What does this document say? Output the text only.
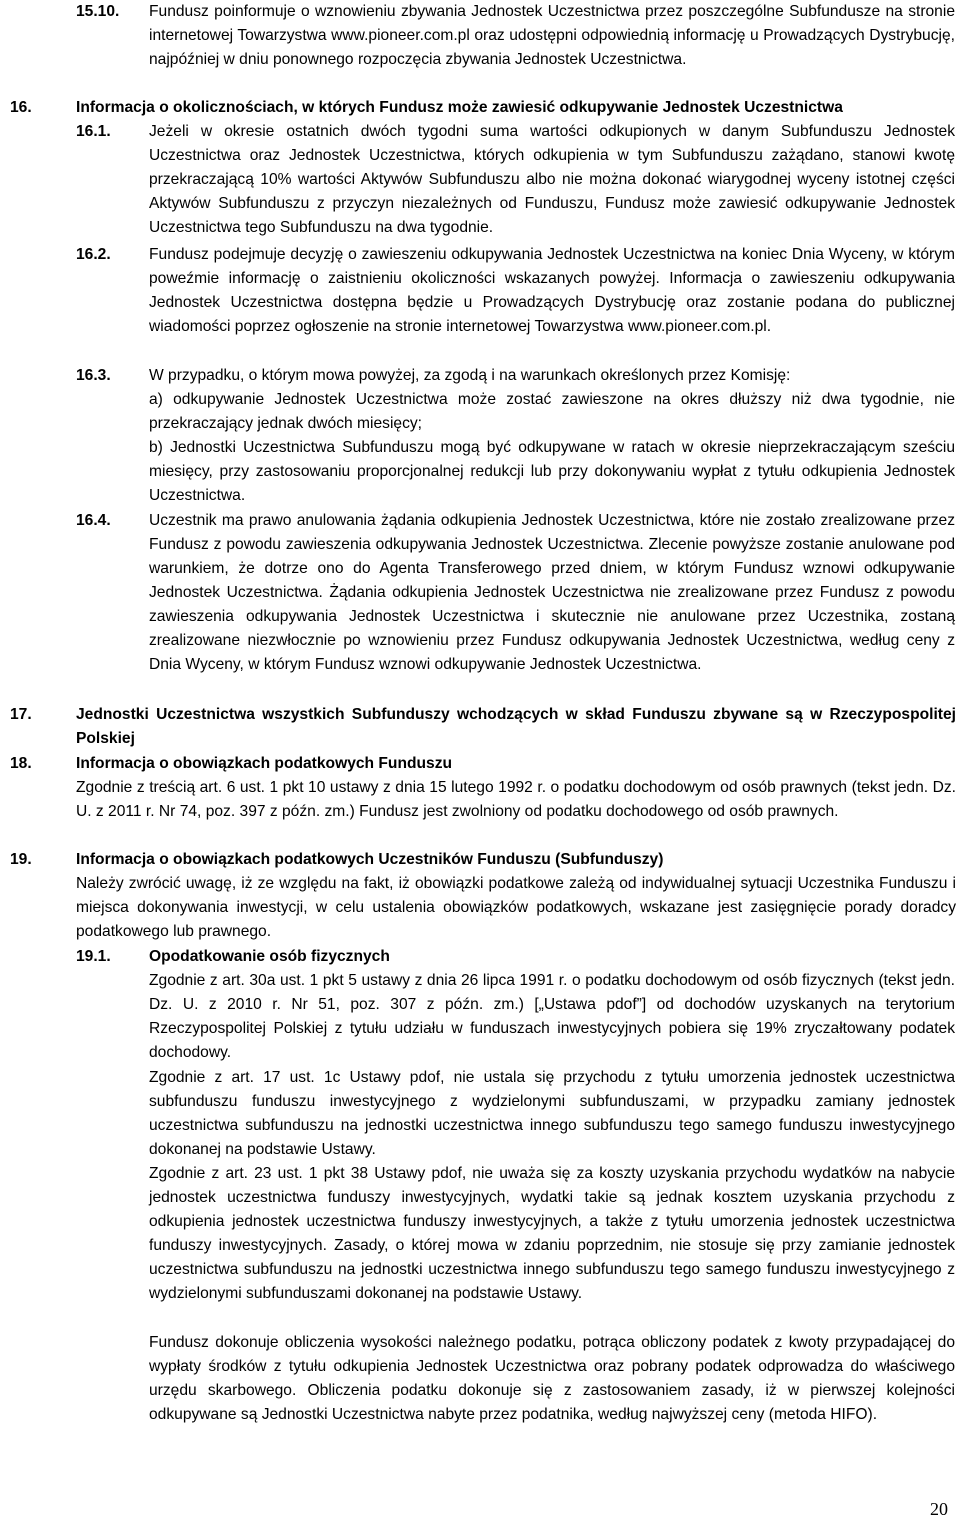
15.10. Fundusz poinformuje o wznowieniu zbywania Jednostek Uczestnictwa przez poszczególne Subfundusze na stronie internetowej Towarzystwa www.pioneer.com.pl oraz udostępni odpowiednią informację u Prowadzących Dystrybucję, najpóźniej w dniu ponownego rozpoczęcia zbywania Jednostek Uczestnictwa.
16.	Informacja o okolicznościach, w których Fundusz może zawiesić odkupywanie Jednostek Uczestnictwa
16.1. Jeżeli w okresie ostatnich dwóch tygodni suma wartości odkupionych w danym Subfunduszu Jednostek Uczestnictwa oraz Jednostek Uczestnictwa, których odkupienia w tym Subfunduszu zażądano, stanowi kwotę przekraczającą 10% wartości Aktywów Subfunduszu albo nie można dokonać wiarygodnej wyceny istotnej części Aktywów Subfunduszu z przyczyn niezależnych od Funduszu, Fundusz może zawiesić odkupywanie Jednostek Uczestnictwa tego Subfunduszu na dwa tygodnie.
16.2. Fundusz podejmuje decyzję o zawieszeniu odkupywania Jednostek Uczestnictwa na koniec Dnia Wyceny, w którym poweźmie informację o zaistnieniu okoliczności wskazanych powyżej. Informacja o zawieszeniu odkupywania Jednostek Uczestnictwa dostępna będzie u Prowadzących Dystrybucję oraz zostanie podana do publicznej wiadomości poprzez ogłoszenie na stronie internetowej Towarzystwa www.pioneer.com.pl.
16.3. W przypadku, o którym mowa powyżej, za zgodą i na warunkach określonych przez Komisję:
a) odkupywanie Jednostek Uczestnictwa może zostać zawieszone na okres dłuższy niż dwa tygodnie, nie przekraczający jednak dwóch miesięcy;
b) Jednostki Uczestnictwa Subfunduszu mogą być odkupywane w ratach w okresie nieprzekraczającym sześciu miesięcy, przy zastosowaniu proporcjonalnej redukcji lub przy dokonywaniu wypłat z tytułu odkupienia Jednostek Uczestnictwa.
16.4. Uczestnik ma prawo anulowania żądania odkupienia Jednostek Uczestnictwa, które nie zostało zrealizowane przez Fundusz z powodu zawieszenia odkupywania Jednostek Uczestnictwa. Zlecenie powyższe zostanie anulowane pod warunkiem, że dotrze ono do Agenta Transferowego przed dniem, w którym Fundusz wznowi odkupywanie Jednostek Uczestnictwa. Żądania odkupienia Jednostek Uczestnictwa nie zrealizowane przez Fundusz z powodu zawieszenia odkupywania Jednostek Uczestnictwa i skutecznie nie anulowane przez Uczestnika, zostaną zrealizowane niezwłocznie po wznowieniu przez Fundusz odkupywania Jednostek Uczestnictwa, według ceny z Dnia Wyceny, w którym Fundusz wznowi odkupywanie Jednostek Uczestnictwa.
17.	Jednostki Uczestnictwa wszystkich Subfunduszy wchodzących w skład Funduszu zbywane są w Rzeczypospolitej Polskiej
18.	Informacja o obowiązkach podatkowych Funduszu
Zgodnie z treścią art. 6 ust. 1 pkt 10 ustawy z dnia 15 lutego 1992 r. o podatku dochodowym od osób prawnych (tekst jedn. Dz. U. z 2011 r. Nr 74, poz. 397 z późn. zm.) Fundusz jest zwolniony od podatku dochodowego od osób prawnych.
19.	Informacja o obowiązkach podatkowych Uczestników Funduszu (Subfunduszy)
Należy zwrócić uwagę, iż ze względu na fakt, iż obowiązki podatkowe zależą od indywidualnej sytuacji Uczestnika Funduszu i miejsca dokonywania inwestycji, w celu ustalenia obowiązków podatkowych, wskazane jest zasięgnięcie porady doradcy podatkowego lub prawnego.
19.1. Opodatkowanie osób fizycznych
Zgodnie z art. 30a ust. 1 pkt 5 ustawy z dnia 26 lipca 1991 r. o podatku dochodowym od osób fizycznych (tekst jedn. Dz. U. z 2010 r. Nr 51, poz. 307 z późn. zm.) [„Ustawa pdof”] od dochodów uzyskanych na terytorium Rzeczypospolitej Polskiej z tytułu udziału w funduszach inwestycyjnych pobiera się 19% zryczałtowany podatek dochodowy.
Zgodnie z art. 17 ust. 1c Ustawy pdof, nie ustala się przychodu z tytułu umorzenia jednostek uczestnictwa subfunduszu funduszu inwestycyjnego z wydzielonymi subfunduszami, w przypadku zamiany jednostek uczestnictwa subfunduszu na jednostki uczestnictwa innego subfunduszu tego samego funduszu inwestycyjnego dokonanej na podstawie Ustawy.
Zgodnie z art. 23 ust. 1 pkt 38 Ustawy pdof, nie uważa się za koszty uzyskania przychodu wydatków na nabycie jednostek uczestnictwa funduszy inwestycyjnych, wydatki takie są jednak kosztem uzyskania przychodu z odkupienia jednostek uczestnictwa funduszy inwestycyjnych, a także z tytułu umorzenia jednostek uczestnictwa funduszy inwestycyjnych. Zasady, o której mowa w zdaniu poprzednim, nie stosuje się przy zamianie jednostek uczestnictwa subfunduszu na jednostki uczestnictwa innego subfunduszu tego samego funduszu inwestycyjnego z wydzielonymi subfunduszami dokonanej na podstawie Ustawy.
Fundusz dokonuje obliczenia wysokości należnego podatku, potrąca obliczony podatek z kwoty przypadającej do wypłaty środków z tytułu odkupienia Jednostek Uczestnictwa oraz pobrany podatek odprowadza do właściwego urzędu skarbowego. Obliczenia podatku dokonuje się z zastosowaniem zasady, iż w pierwszej kolejności odkupywane są Jednostki Uczestnictwa nabyte przez podatnika, według najwyższej ceny (metoda HIFO).
20
